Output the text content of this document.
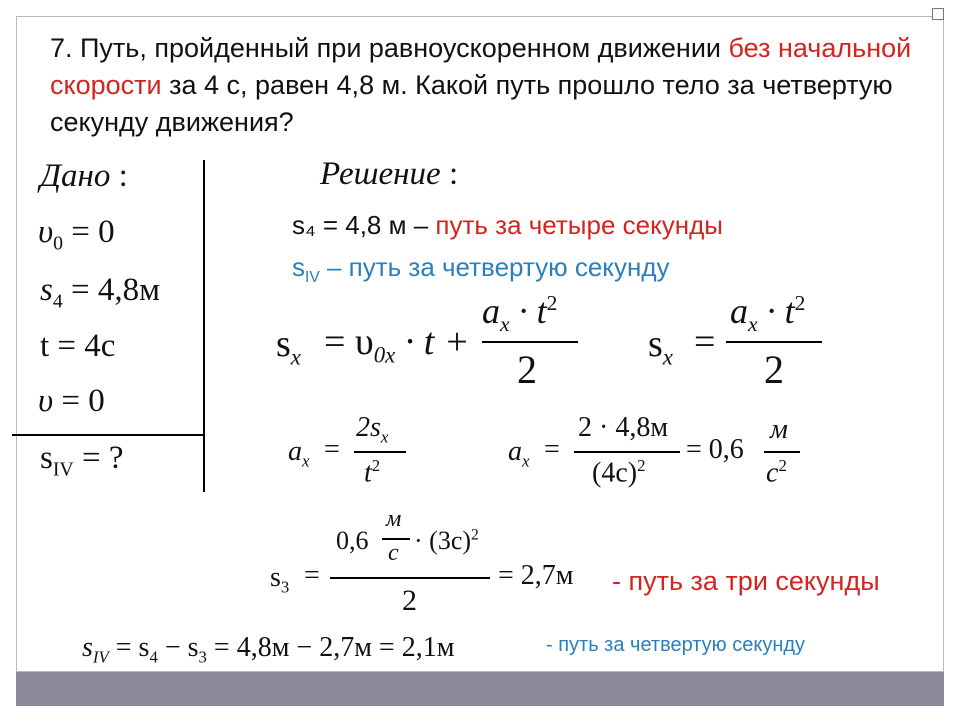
7. Путь, пройденный при равноускоренном движении без начальной скорости за 4 с, равен 4,8 м. Какой путь прошло тело за четвертую секунду движения?
Дано :
$\upsilon_0 = 0$
$s_4 = 4,8м$
t = 4с
υ = 0
$s_{IV}$ = ?
Решение :
s₄ = 4,8 м – путь за четыре секунды
$s_{IV}$ – путь за четвертую секунду
$s_x = \upsilon_{0x} \cdot t$ +
$a_x \cdot t^2$
2
$s_x$ =
$a_x \cdot t^2$
2
$a_x$ =
$2s_x$
$t^2$	$a_x$ =
2 · 4,8м
$(4с)^2$
= 0,6
м
$с^2$
$s_3$ =
0,6
м
$с \cdot (3с)^2$
2
= 2,7м - путь за три секунды
$s_{IV} = s_4 - s_3 = 4,8м - 2,7м = 2,1м$	- путь за четвертую секунду
